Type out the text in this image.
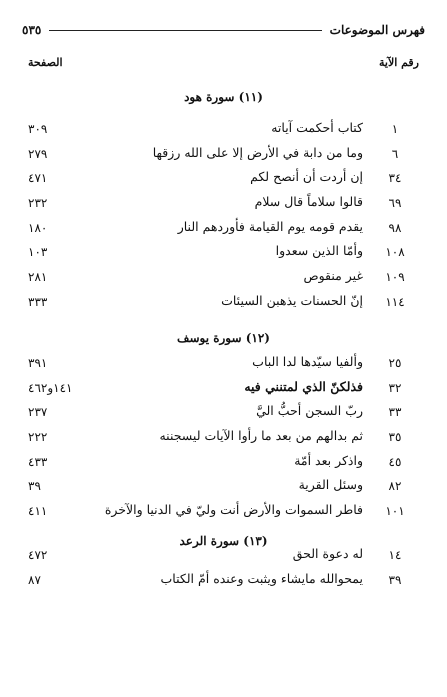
فهرس الموضوعات
٥٣٥
رقم الآية
الصفحة
(١١) سورة هود
١
كتاب أحكمت آياته
٣٠٩
٦
وما من دابة في الأرض إلا على الله رزقها
٢٧٩
٣٤
إن أردت أن أنصح لكم
٤٧١
٦٩
قالوا سلاماً قال سلام
٢٣٢
٩٨
يقدم قومه يوم القيامة فأوردهم النار
١٨٠
١٠٨
وأمّا الذين سعدوا
١٠٣
١٠٩
غير منقوص
٢٨١
١١٤
إنّ الحسنات يذهبن السيئات
٣٣٣
(١٢) سورة يوسف
٢٥
وألفيا سيّدها لدا الباب
٣٩١
٣٢
فذلكنّ الذي لمتنني فيه
١٤١و٤٦٢
٣٣
ربّ السجن أحبُّ اليَّ
٢٣٧
٣٥
ثم بدالهم من بعد ما رأوا الآيات ليسجننه
٢٢٢
٤٥
واذكر بعد أمّة
٤٣٣
٨٢
وسئل القرية
٣٩
١٠١
فاطر السموات والأرض أنت وليّ في الدنيا والآخرة
٤١١
(١٣) سورة الرعد
١٤
له دعوة الحق
٤٧٢
٣٩
يمحوالله مايشاء ويثبت وعنده أمّ الكتاب
٨٧
